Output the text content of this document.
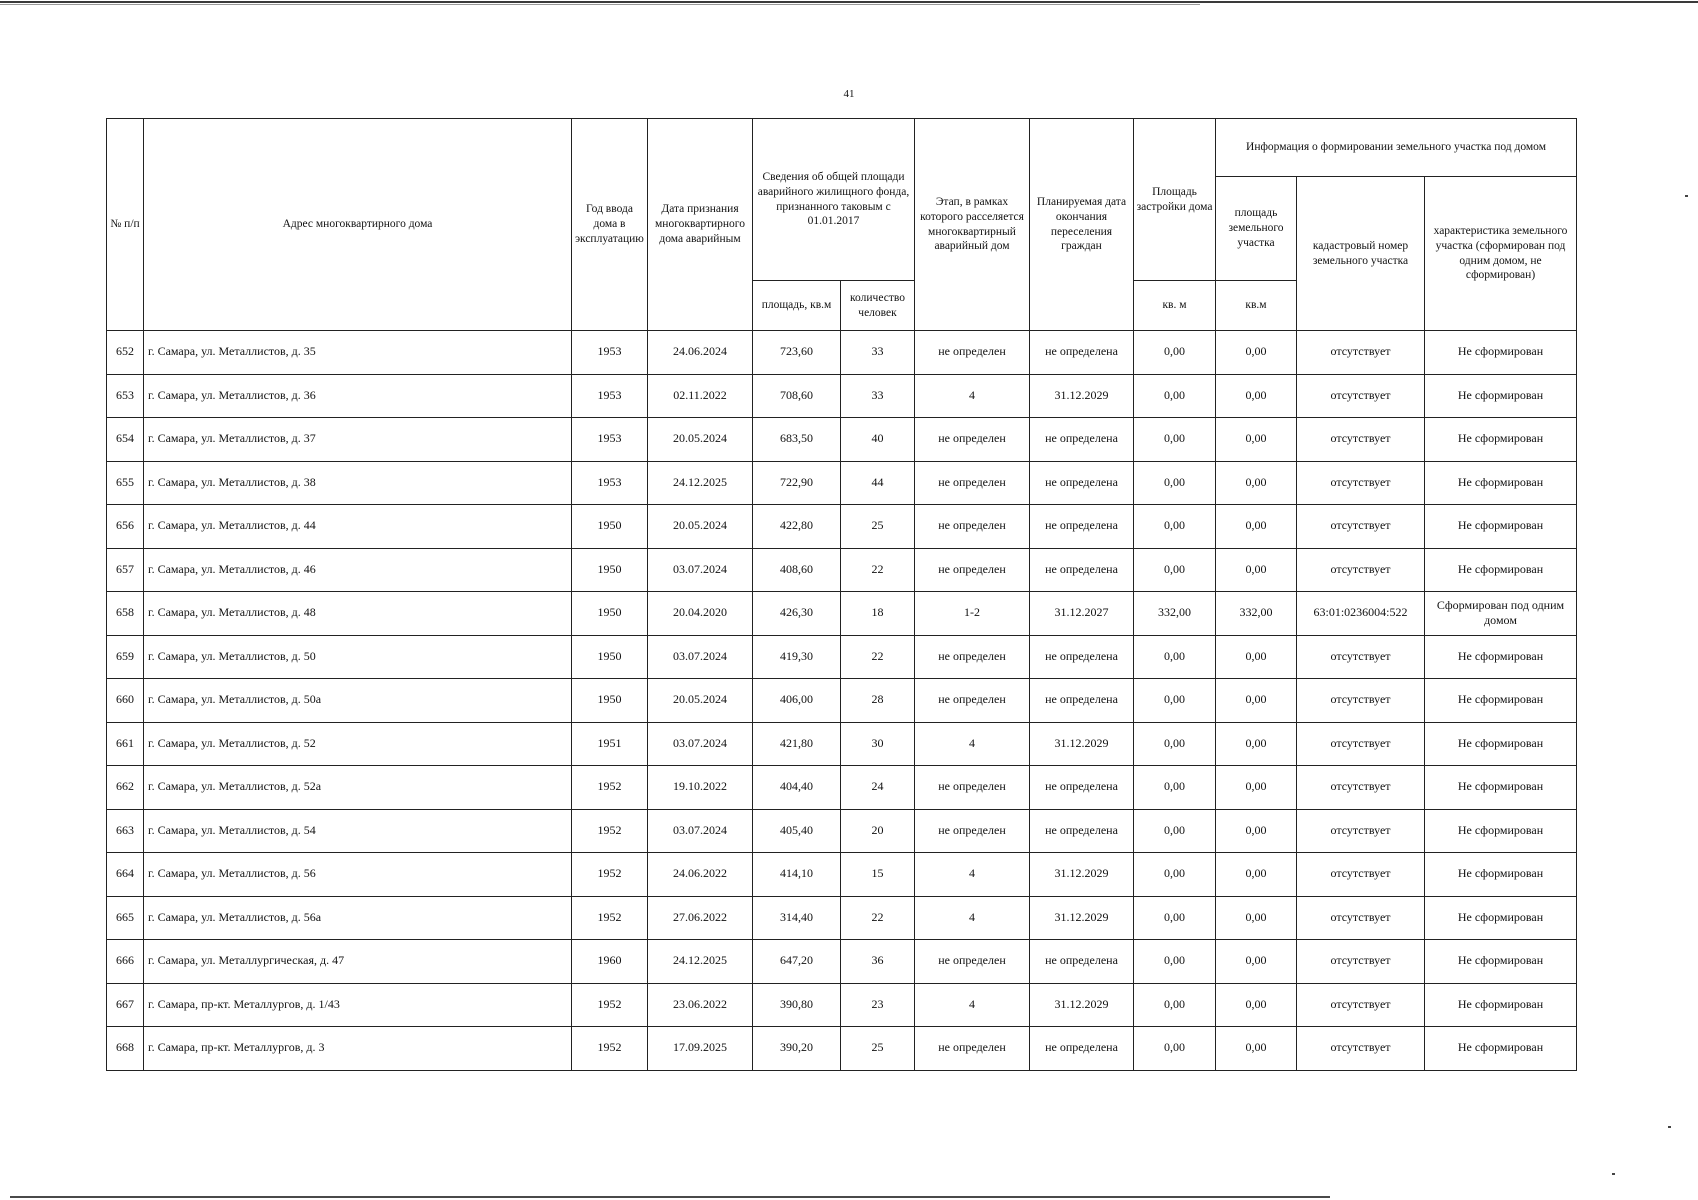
41
№ п/п	Адрес многоквартирного дома	Год ввода дома в эксплуатацию	Дата признания многоквартирного дома аварийным	Сведения об общей площади аварийного жилищного фонда, признанного таковым с 01.01.2017		Этап, в рамках которого расселяется многоквартирный аварийный дом	Планируемая дата окончания переселения граждан	Площадь застройки дома	Информация о формировании земельного участка под домом		
									площадь земельного участка	кадастровый номер земельного участка	характеристика земельного участка (сформирован под одним домом, не сформирован)
				площадь, кв.м	количество человек			кв. м	кв.м		
652	г. Самара, ул. Металлистов, д. 35	1953	24.06.2024	723,60	33	не определен	не определена	0,00	0,00	отсутствует	Не сформирован
653	г. Самара, ул. Металлистов, д. 36	1953	02.11.2022	708,60	33	4	31.12.2029	0,00	0,00	отсутствует	Не сформирован
654	г. Самара, ул. Металлистов, д. 37	1953	20.05.2024	683,50	40	не определен	не определена	0,00	0,00	отсутствует	Не сформирован
655	г. Самара, ул. Металлистов, д. 38	1953	24.12.2025	722,90	44	не определен	не определена	0,00	0,00	отсутствует	Не сформирован
656	г. Самара, ул. Металлистов, д. 44	1950	20.05.2024	422,80	25	не определен	не определена	0,00	0,00	отсутствует	Не сформирован
657	г. Самара, ул. Металлистов, д. 46	1950	03.07.2024	408,60	22	не определен	не определена	0,00	0,00	отсутствует	Не сформирован
658	г. Самара, ул. Металлистов, д. 48	1950	20.04.2020	426,30	18	1-2	31.12.2027	332,00	332,00	63:01:0236004:522	Сформирован под одним домом
659	г. Самара, ул. Металлистов, д. 50	1950	03.07.2024	419,30	22	не определен	не определена	0,00	0,00	отсутствует	Не сформирован
660	г. Самара, ул. Металлистов, д. 50а	1950	20.05.2024	406,00	28	не определен	не определена	0,00	0,00	отсутствует	Не сформирован
661	г. Самара, ул. Металлистов, д. 52	1951	03.07.2024	421,80	30	4	31.12.2029	0,00	0,00	отсутствует	Не сформирован
662	г. Самара, ул. Металлистов, д. 52а	1952	19.10.2022	404,40	24	не определен	не определена	0,00	0,00	отсутствует	Не сформирован
663	г. Самара, ул. Металлистов, д. 54	1952	03.07.2024	405,40	20	не определен	не определена	0,00	0,00	отсутствует	Не сформирован
664	г. Самара, ул. Металлистов, д. 56	1952	24.06.2022	414,10	15	4	31.12.2029	0,00	0,00	отсутствует	Не сформирован
665	г. Самара, ул. Металлистов, д. 56а	1952	27.06.2022	314,40	22	4	31.12.2029	0,00	0,00	отсутствует	Не сформирован
666	г. Самара, ул. Металлургическая, д. 47	1960	24.12.2025	647,20	36	не определен	не определена	0,00	0,00	отсутствует	Не сформирован
667	г. Самара, пр-кт. Металлургов, д. 1/43	1952	23.06.2022	390,80	23	4	31.12.2029	0,00	0,00	отсутствует	Не сформирован
668	г. Самара, пр-кт. Металлургов, д. 3	1952	17.09.2025	390,20	25	не определен	не определена	0,00	0,00	отсутствует	Не сформирован
